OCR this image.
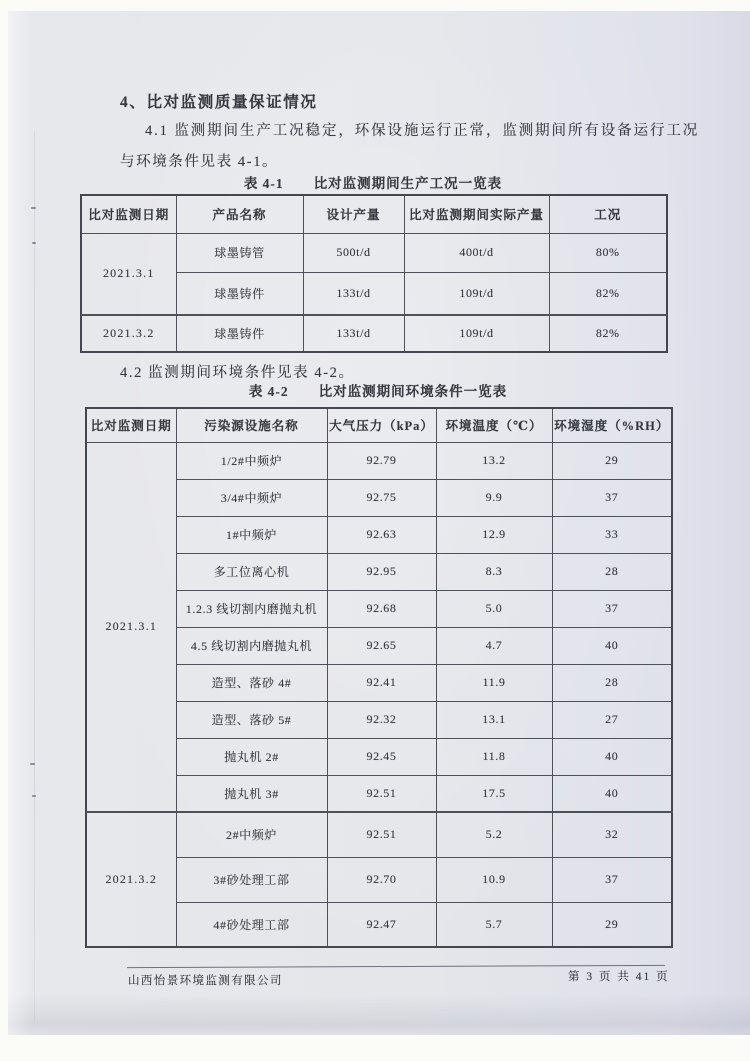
4、比对监测质量保证情况
4.1 监测期间生产工况稳定，环保设施运行正常，监测期间所有设备运行工况
与环境条件见表 4-1。
表 4-1 比对监测期间生产工况一览表
比对监测日期	产品名称	设计产量	比对监测期间实际产量	工况
2021.3.1	球墨铸管	500t/d	400t/d	80%
	球墨铸件	133t/d	109t/d	82%
2021.3.2	球墨铸件	133t/d	109t/d	82%
4.2 监测期间环境条件见表 4-2。
表 4-2 比对监测期间环境条件一览表
比对监测日期	污染源设施名称	大气压力（kPa）	环境温度（℃）	环境湿度（%RH）
2021.3.1	1/2#中频炉	92.79	13.2	29
	3/4#中频炉	92.75	9.9	37
	1#中频炉	92.63	12.9	33
	多工位离心机	92.95	8.3	28
	1.2.3 线切割内磨抛丸机	92.68	5.0	37
	4.5 线切割内磨抛丸机	92.65	4.7	40
	造型、落砂 4#	92.41	11.9	28
	造型、落砂 5#	92.32	13.1	27
	抛丸机 2#	92.45	11.8	40
	抛丸机 3#	92.51	17.5	40
2021.3.2	2#中频炉	92.51	5.2	32
	3#砂处理工部	92.70	10.9	37
	4#砂处理工部	92.47	5.7	29
山西怡景环境监测有限公司	第 3 页 共 41 页
